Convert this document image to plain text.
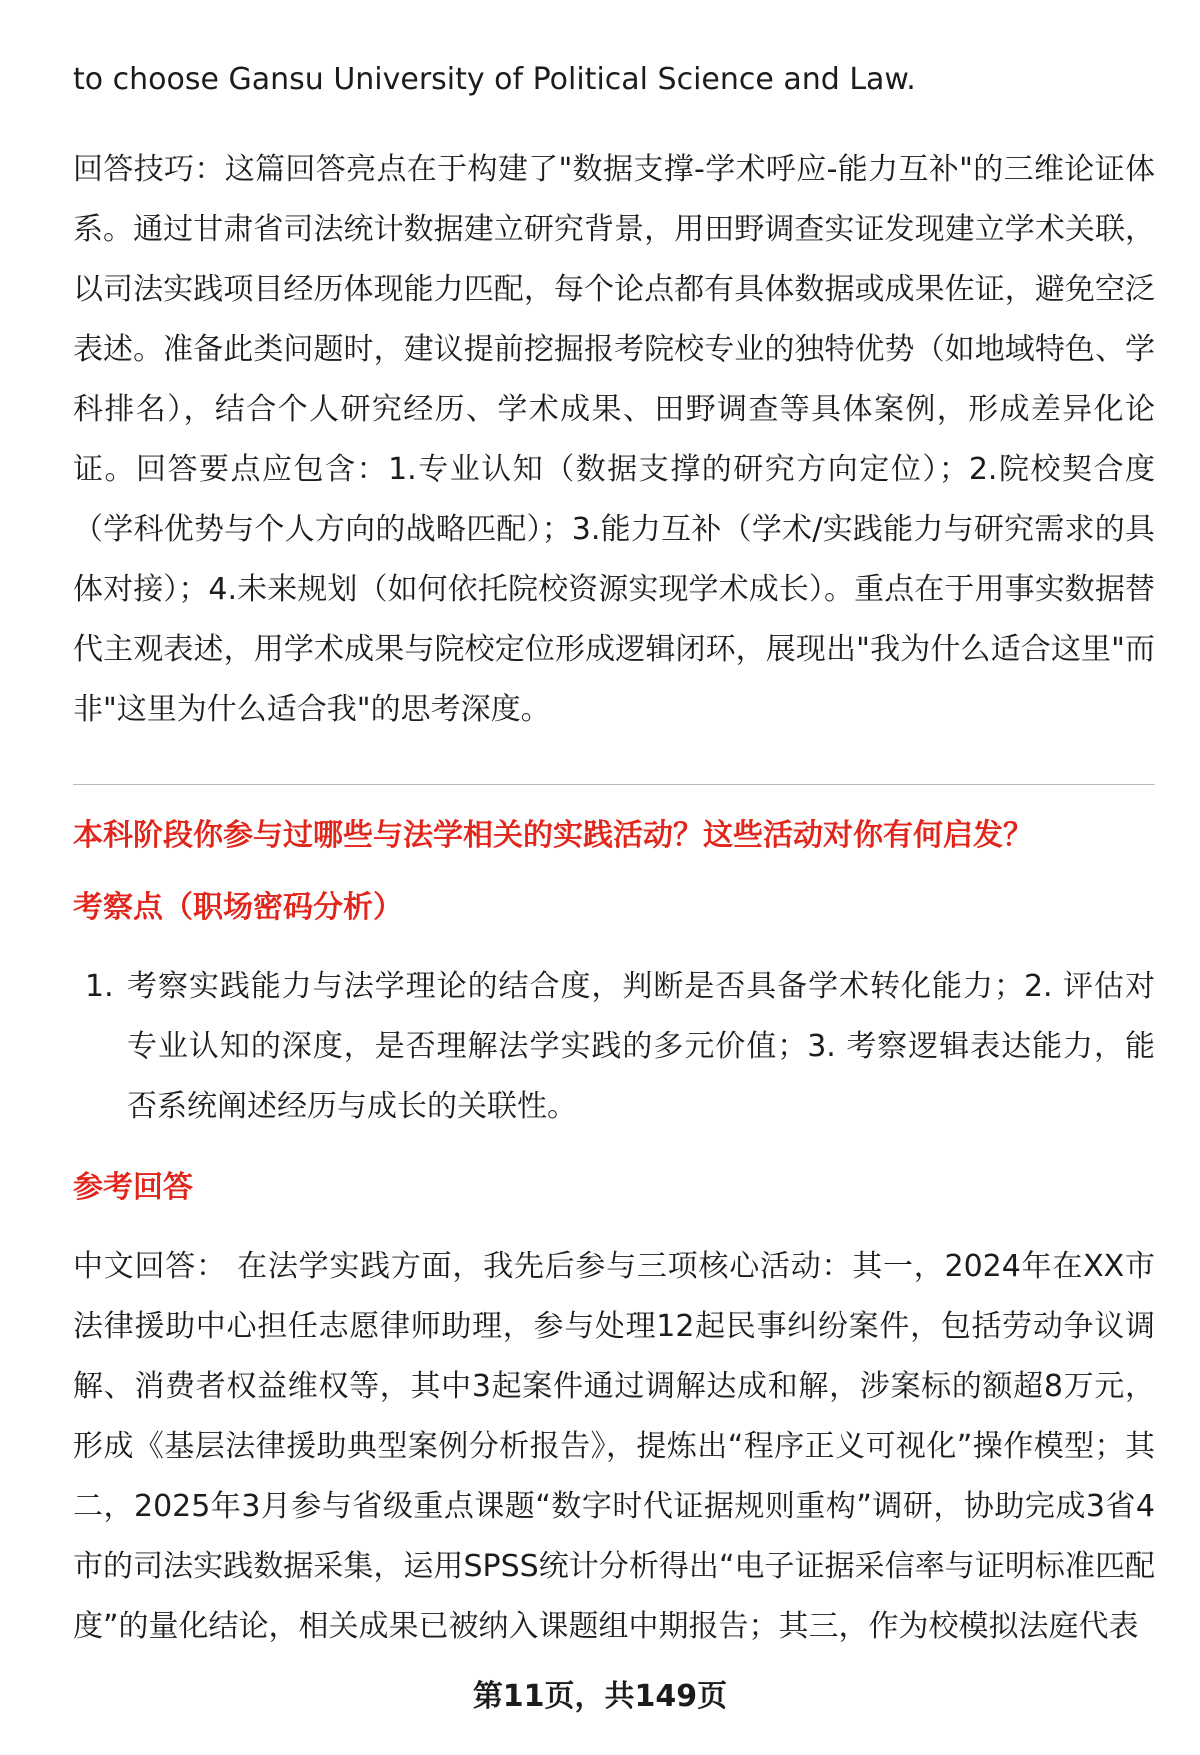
to choose Gansu University of Political Science and Law.

回答技巧：这篇回答亮点在于构建了"数据支撑-学术呼应-能力互补"的三维论证体系。通过甘肃省司法统计数据建立研究背景，用田野调查实证发现建立学术关联，以司法实践项目经历体现能力匹配，每个论点都有具体数据或成果佐证，避免空泛表述。准备此类问题时，建议提前挖掘报考院校专业的独特优势（如地域特色、学科排名），结合个人研究经历、学术成果、田野调查等具体案例，形成差异化论证。回答要点应包含：1.专业认知（数据支撑的研究方向定位）；2.院校契合度（学科优势与个人方向的战略匹配）；3.能力互补（学术/实践能力与研究需求的具体对接）；4.未来规划（如何依托院校资源实现学术成长）。重点在于用事实数据替代主观表述，用学术成果与院校定位形成逻辑闭环，展现出"我为什么适合这里"而非"这里为什么适合我"的思考深度。

本科阶段你参与过哪些与法学相关的实践活动？这些活动对你有何启发？
考察点（职场密码分析）
1. 考察实践能力与法学理论的结合度，判断是否具备学术转化能力；2. 评估对专业认知的深度，是否理解法学实践的多元价值；3. 考察逻辑表达能力，能否系统阐述经历与成长的关联性。
参考回答

中文回答： 在法学实践方面，我先后参与三项核心活动：其一，2024年在XX市法律援助中心担任志愿律师助理，参与处理12起民事纠纷案件，包括劳动争议调解、消费者权益维权等，其中3起案件通过调解达成和解，涉案标的额超8万元，形成《基层法律援助典型案例分析报告》，提炼出“程序正义可视化”操作模型；其二，2025年3月参与省级重点课题“数字时代证据规则重构”调研，协助完成3省4市的司法实践数据采集，运用SPSS统计分析得出“电子证据采信率与证明标准匹配度”的量化结论，相关成果已被纳入课题组中期报告；其三，作为校模拟法庭代表

第11页，共149页
